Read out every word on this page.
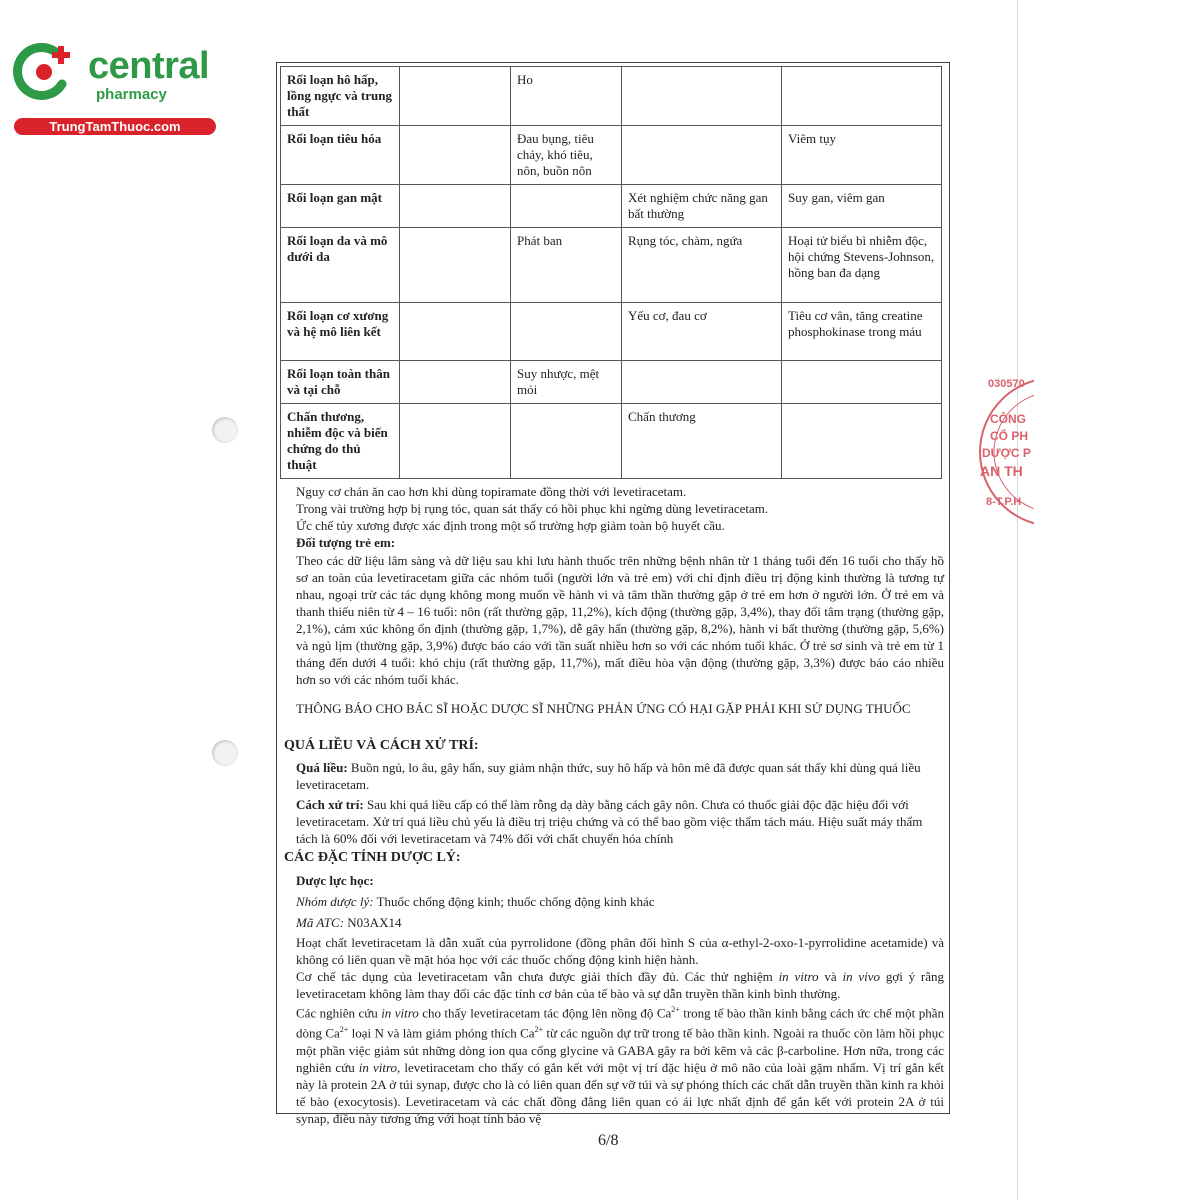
central
pharmacy
TrungTamThuoc.com
Rối loạn hô hấp, lồng ngực và trung thất		Ho		
Rối loạn tiêu hóa		Đau bụng, tiêu chảy, khó tiêu, nôn, buồn nôn		Viêm tụy
Rối loạn gan mật			Xét nghiệm chức năng gan bất thường	Suy gan, viêm gan
Rối loạn da và mô dưới da		Phát ban	Rụng tóc, chàm, ngứa	Hoại tử biểu bì nhiễm độc, hội chứng Stevens-Johnson, hồng ban đa dạng
Rối loạn cơ xương và hệ mô liên kết			Yếu cơ, đau cơ	Tiêu cơ vân, tăng creatine phosphokinase trong máu
Rối loạn toàn thân và tại chỗ		Suy nhược, mệt mỏi		
Chấn thương, nhiễm độc và biến chứng do thủ thuật			Chấn thương	
Nguy cơ chán ăn cao hơn khi dùng topiramate đồng thời với levetiracetam.
Trong vài trường hợp bị rụng tóc, quan sát thấy có hồi phục khi ngừng dùng levetiracetam.
Ức chế tủy xương được xác định trong một số trường hợp giảm toàn bộ huyết cầu.
Đối tượng trẻ em:
Theo các dữ liệu lâm sàng và dữ liệu sau khi lưu hành thuốc trên những bệnh nhân từ 1 tháng tuổi đến 16 tuổi cho thấy hồ sơ an toàn của levetiracetam giữa các nhóm tuổi (người lớn và trẻ em) với chỉ định điều trị động kinh thường là tương tự nhau, ngoại trừ các tác dụng không mong muốn về hành vi và tâm thần thường gặp ở trẻ em hơn ở người lớn. Ở trẻ em và thanh thiếu niên từ 4 – 16 tuổi: nôn (rất thường gặp, 11,2%), kích động (thường gặp, 3,4%), thay đổi tâm trạng (thường gặp, 2,1%), cảm xúc không ổn định (thường gặp, 1,7%), dễ gây hấn (thường gặp, 8,2%), hành vi bất thường (thường gặp, 5,6%) và ngủ lịm (thường gặp, 3,9%) được báo cáo với tần suất nhiều hơn so với các nhóm tuổi khác. Ở trẻ sơ sinh và trẻ em từ 1 tháng đến dưới 4 tuổi: khó chịu (rất thường gặp, 11,7%), mất điều hòa vận động (thường gặp, 3,3%) được báo cáo nhiều hơn so với các nhóm tuổi khác.
THÔNG BÁO CHO BÁC SĨ HOẶC DƯỢC SĨ NHỮNG PHẢN ỨNG CÓ HẠI GẶP PHẢI KHI SỬ DỤNG THUỐC
QUÁ LIỀU VÀ CÁCH XỬ TRÍ:
Quá liều: Buồn ngủ, lo âu, gây hấn, suy giảm nhận thức, suy hô hấp và hôn mê đã được quan sát thấy khi dùng quá liều levetiracetam.
Cách xử trí: Sau khi quá liều cấp có thể làm rỗng dạ dày bằng cách gây nôn. Chưa có thuốc giải độc đặc hiệu đối với levetiracetam. Xử trí quá liều chủ yếu là điều trị triệu chứng và có thể bao gồm việc thẩm tách máu. Hiệu suất máy thẩm tách là 60% đối với levetiracetam và 74% đối với chất chuyển hóa chính
CÁC ĐẶC TÍNH DƯỢC LÝ:
Dược lực học:
Nhóm dược lý: Thuốc chống động kinh; thuốc chống động kinh khác
Mã ATC: N03AX14
Hoạt chất levetiracetam là dẫn xuất của pyrrolidone (đồng phân đối hình S của α-ethyl-2-oxo-1-pyrrolidine acetamide) và không có liên quan về mặt hóa học với các thuốc chống động kinh hiện hành.
Cơ chế tác dụng của levetiracetam vẫn chưa được giải thích đầy đủ. Các thử nghiệm in vitro và in vivo gợi ý rằng levetiracetam không làm thay đổi các đặc tính cơ bản của tế bào và sự dẫn truyền thần kinh bình thường.
Các nghiên cứu in vitro cho thấy levetiracetam tác động lên nồng độ $Ca^{2+}$ trong tế bào thần kinh bằng cách ức chế một phần dòng $Ca^{2+}$ loại N và làm giảm phóng thích $Ca^{2+}$ từ các nguồn dự trữ trong tế bào thần kinh. Ngoài ra thuốc còn làm hồi phục một phần việc giảm sút những dòng ion qua cổng glycine và GABA gây ra bởi kẽm và các β-carboline. Hơn nữa, trong các nghiên cứu in vitro, levetiracetam cho thấy có gắn kết với một vị trí đặc hiệu ở mô não của loài gặm nhấm. Vị trí gắn kết này là protein 2A ở túi synap, được cho là có liên quan đến sự vỡ túi và sự phóng thích các chất dẫn truyền thần kinh ra khỏi tế bào (exocytosis). Levetiracetam và các chất đồng đẳng liên quan có ái lực nhất định để gắn kết với protein 2A ở túi synap, điều này tương ứng với hoạt tính bảo vệ
6/8
030570
CÔNG
CỔ PH
DƯỢC P
AN TH
8-T.P.H
